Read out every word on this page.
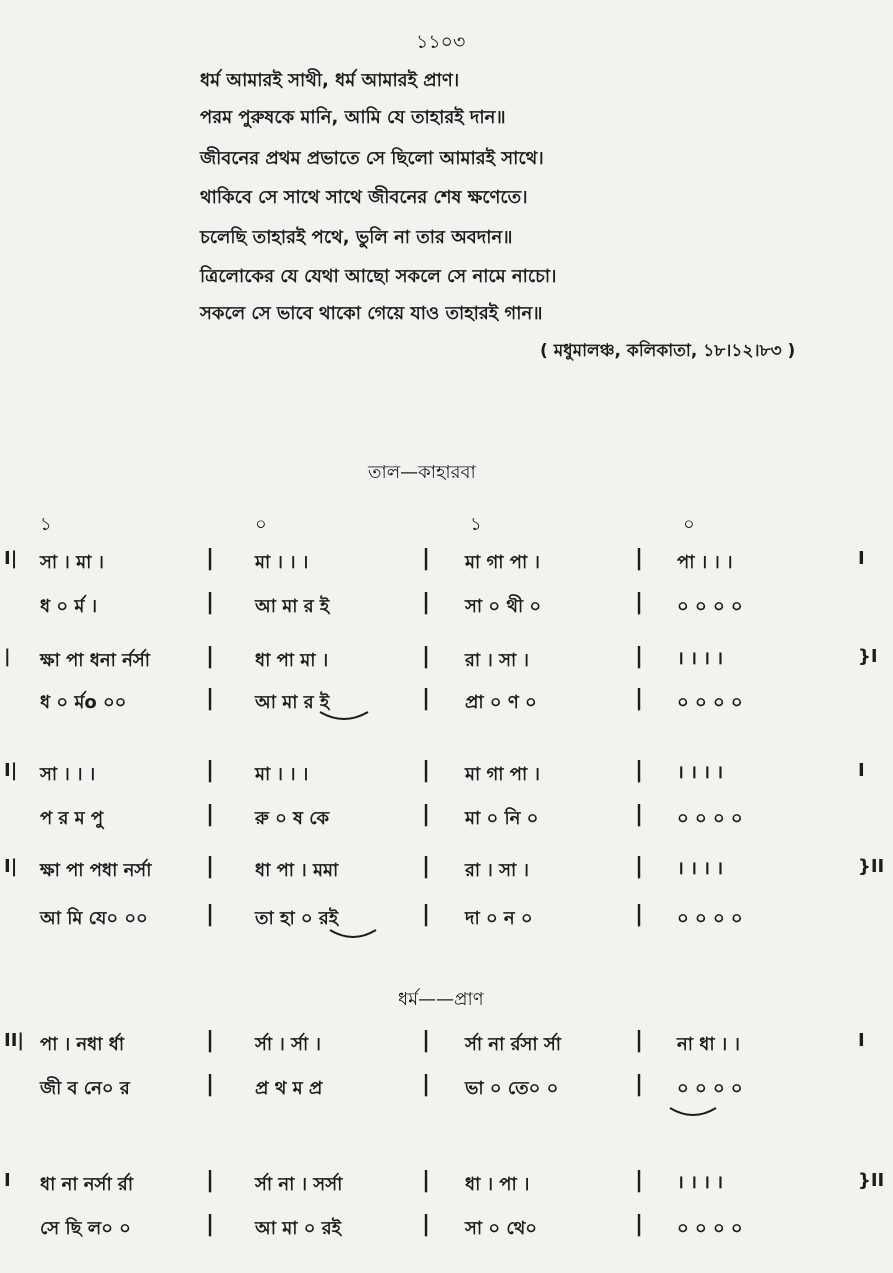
১১০৩
ধর্ম আমারই সাথী, ধর্ম আমারই প্রাণ।
পরম পুরুষকে মানি, আমি যে তাহারই দান॥
জীবনের প্রথম প্রভাতে সে ছিলো আমারই সাথে।
থাকিবে সে সাথে সাথে জীবনের শেষ ক্ষণেতে।
চলেছি তাহারই পথে, ভুলি না তার অবদান॥
ত্রিলোকের যে যেথা আছো সকলে সে নামে নাচো।
সকলে সে ভাবে থাকো গেয়ে যাও তাহারই গান॥
( মধুমালঞ্চ, কলিকাতা, ১৮।১২।৮৩ )
তাল—কাহারবা
১	০	১	০
ধর্ম——প্রাণ
সা । মা ।	মা । । ।	মা গা পা ।	পা । । ।
|	|	|
I|	I
ধ ০ র্ম ।	আ মা র ই	সা ০ থী ০	০ ০ ০ ০
|	|	|
ক্ষা পা ধনা র্নর্সা	ধা পা মা ।	রা । সা ।	। । । ।
|	|	|
|	}I
ধ ০ র্মo ০০	আ মা র ই	প্রা ০ ণ ০	০ ০ ০ ০
|	|	|
সা । । ।	মা । । ।	মা গা পা ।	। । । ।
|	|	|
I|	I
প র ম পু	রু ০ ষ কে	মা ০ নি ০	০ ০ ০ ০
|	|	|
ক্ষা পা পধা নর্সা	ধা পা । মমা	রা । সা ।	। । । ।
|	|	|
I|	}II
আ মি যে০ ০০	তা হা ০ রই	দা ০ ন ০	০ ০ ০ ০
|	|	|
পা । নধা র্ধা	র্সা । র্সা ।	র্সা না র্রসা র্সা	না ধা । ।
|	|	|
II|	I
জী ব নে০ র	প্র থ ম প্র	ভা ০ তে০ ০	০ ০ ০ ০
|	|	|
ধা না নর্সা র্রা	র্সা না । সর্সা	ধা । পা ।	। । । ।
|	|	|
I	}II
সে ছি ল০ ০	আ মা ০ রই	সা ০ থে০	০ ০ ০ ০
|	|	|
